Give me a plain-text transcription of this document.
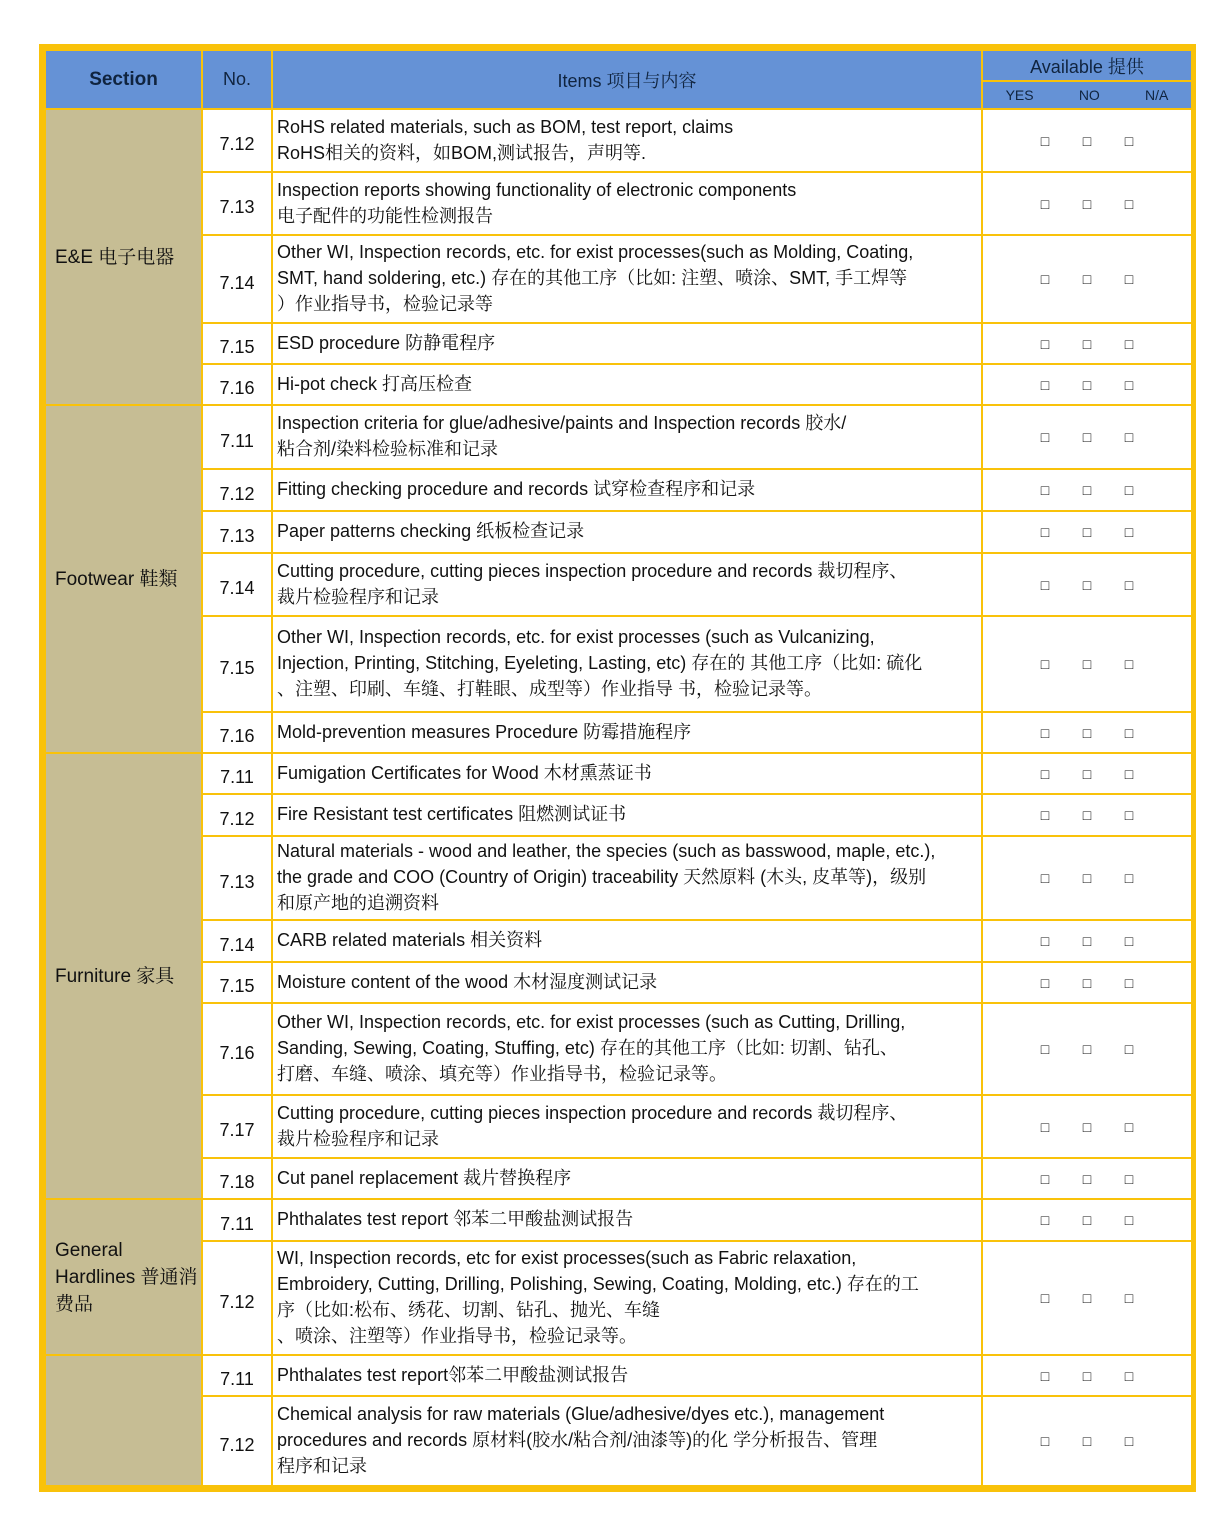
Section	No.	Items 项目与内容	Available 提供

			YES NO N/A

E&E 电子电器	7.12	RoHS related materials, such as BOM, test report, claims
RoHS相关的资料，如BOM,测试报告，声明等.	□ □ □
	7.13	Inspection reports showing functionality of electronic components
电子配件的功能性检测报告	□ □ □
	7.14	Other WI, Inspection records, etc. for exist processes(such as Molding, Coating,
SMT, hand soldering, etc.) 存在的其他工序（比如: 注塑、喷涂、SMT, 手工焊等
）作业指导书，检验记录等	□ □ □
	7.15	ESD procedure 防静電程序	□ □ □
	7.16	Hi-pot check 打高压检查	□ □ □
Footwear 鞋類	7.11	Inspection criteria for glue/adhesive/paints and Inspection records 胶水/
粘合剂/染料检验标准和记录	□ □ □
	7.12	Fitting checking procedure and records 试穿检查程序和记录	□ □ □
	7.13	Paper patterns checking 纸板检查记录	□ □ □
	7.14	Cutting procedure, cutting pieces inspection procedure and records 裁切程序、
裁片检验程序和记录	□ □ □
	7.15	Other WI, Inspection records, etc. for exist processes (such as Vulcanizing,
Injection, Printing, Stitching, Eyeleting, Lasting, etc) 存在的 其他工序（比如: 硫化
、注塑、印刷、车缝、打鞋眼、成型等）作业指导 书，检验记录等。	□ □ □
	7.16	Mold-prevention measures Procedure 防霉措施程序	□ □ □
Furniture 家具	7.11	Fumigation Certificates for Wood 木材熏蒸证书	□ □ □
	7.12	Fire Resistant test certificates 阻燃测试证书	□ □ □
	7.13	Natural materials - wood and leather, the species (such as basswood, maple, etc.),
the grade and COO (Country of Origin) traceability 天然原料 (木头, 皮革等)，级别
和原产地的追溯资料	□ □ □
	7.14	CARB related materials 相关资料	□ □ □
	7.15	Moisture content of the wood 木材湿度测试记录	□ □ □
	7.16	Other WI, Inspection records, etc. for exist processes (such as Cutting, Drilling,
Sanding, Sewing, Coating, Stuffing, etc) 存在的其他工序（比如: 切割、钻孔、
打磨、车缝、喷涂、填充等）作业指导书，检验记录等。	□ □ □
	7.17	Cutting procedure, cutting pieces inspection procedure and records 裁切程序、
裁片检验程序和记录	□ □ □
	7.18	Cut panel replacement 裁片替换程序	□ □ □
General Hardlines 普通消费品	7.11	Phthalates test report 邻苯二甲酸盐测试报告	□ □ □
	7.12	WI, Inspection records, etc for exist processes(such as Fabric relaxation,
Embroidery, Cutting, Drilling, Polishing, Sewing, Coating, Molding, etc.) 存在的工
序（比如:松布、绣花、切割、钻孔、抛光、车缝
、喷涂、注塑等）作业指导书，检验记录等。	□ □ □
	7.11	Phthalates test report邻苯二甲酸盐测试报告	□ □ □
	7.12	Chemical analysis for raw materials (Glue/adhesive/dyes etc.), management
procedures and records 原材料(胶水/粘合剂/油漆等)的化 学分析报告、管理
程序和记录	□ □ □
